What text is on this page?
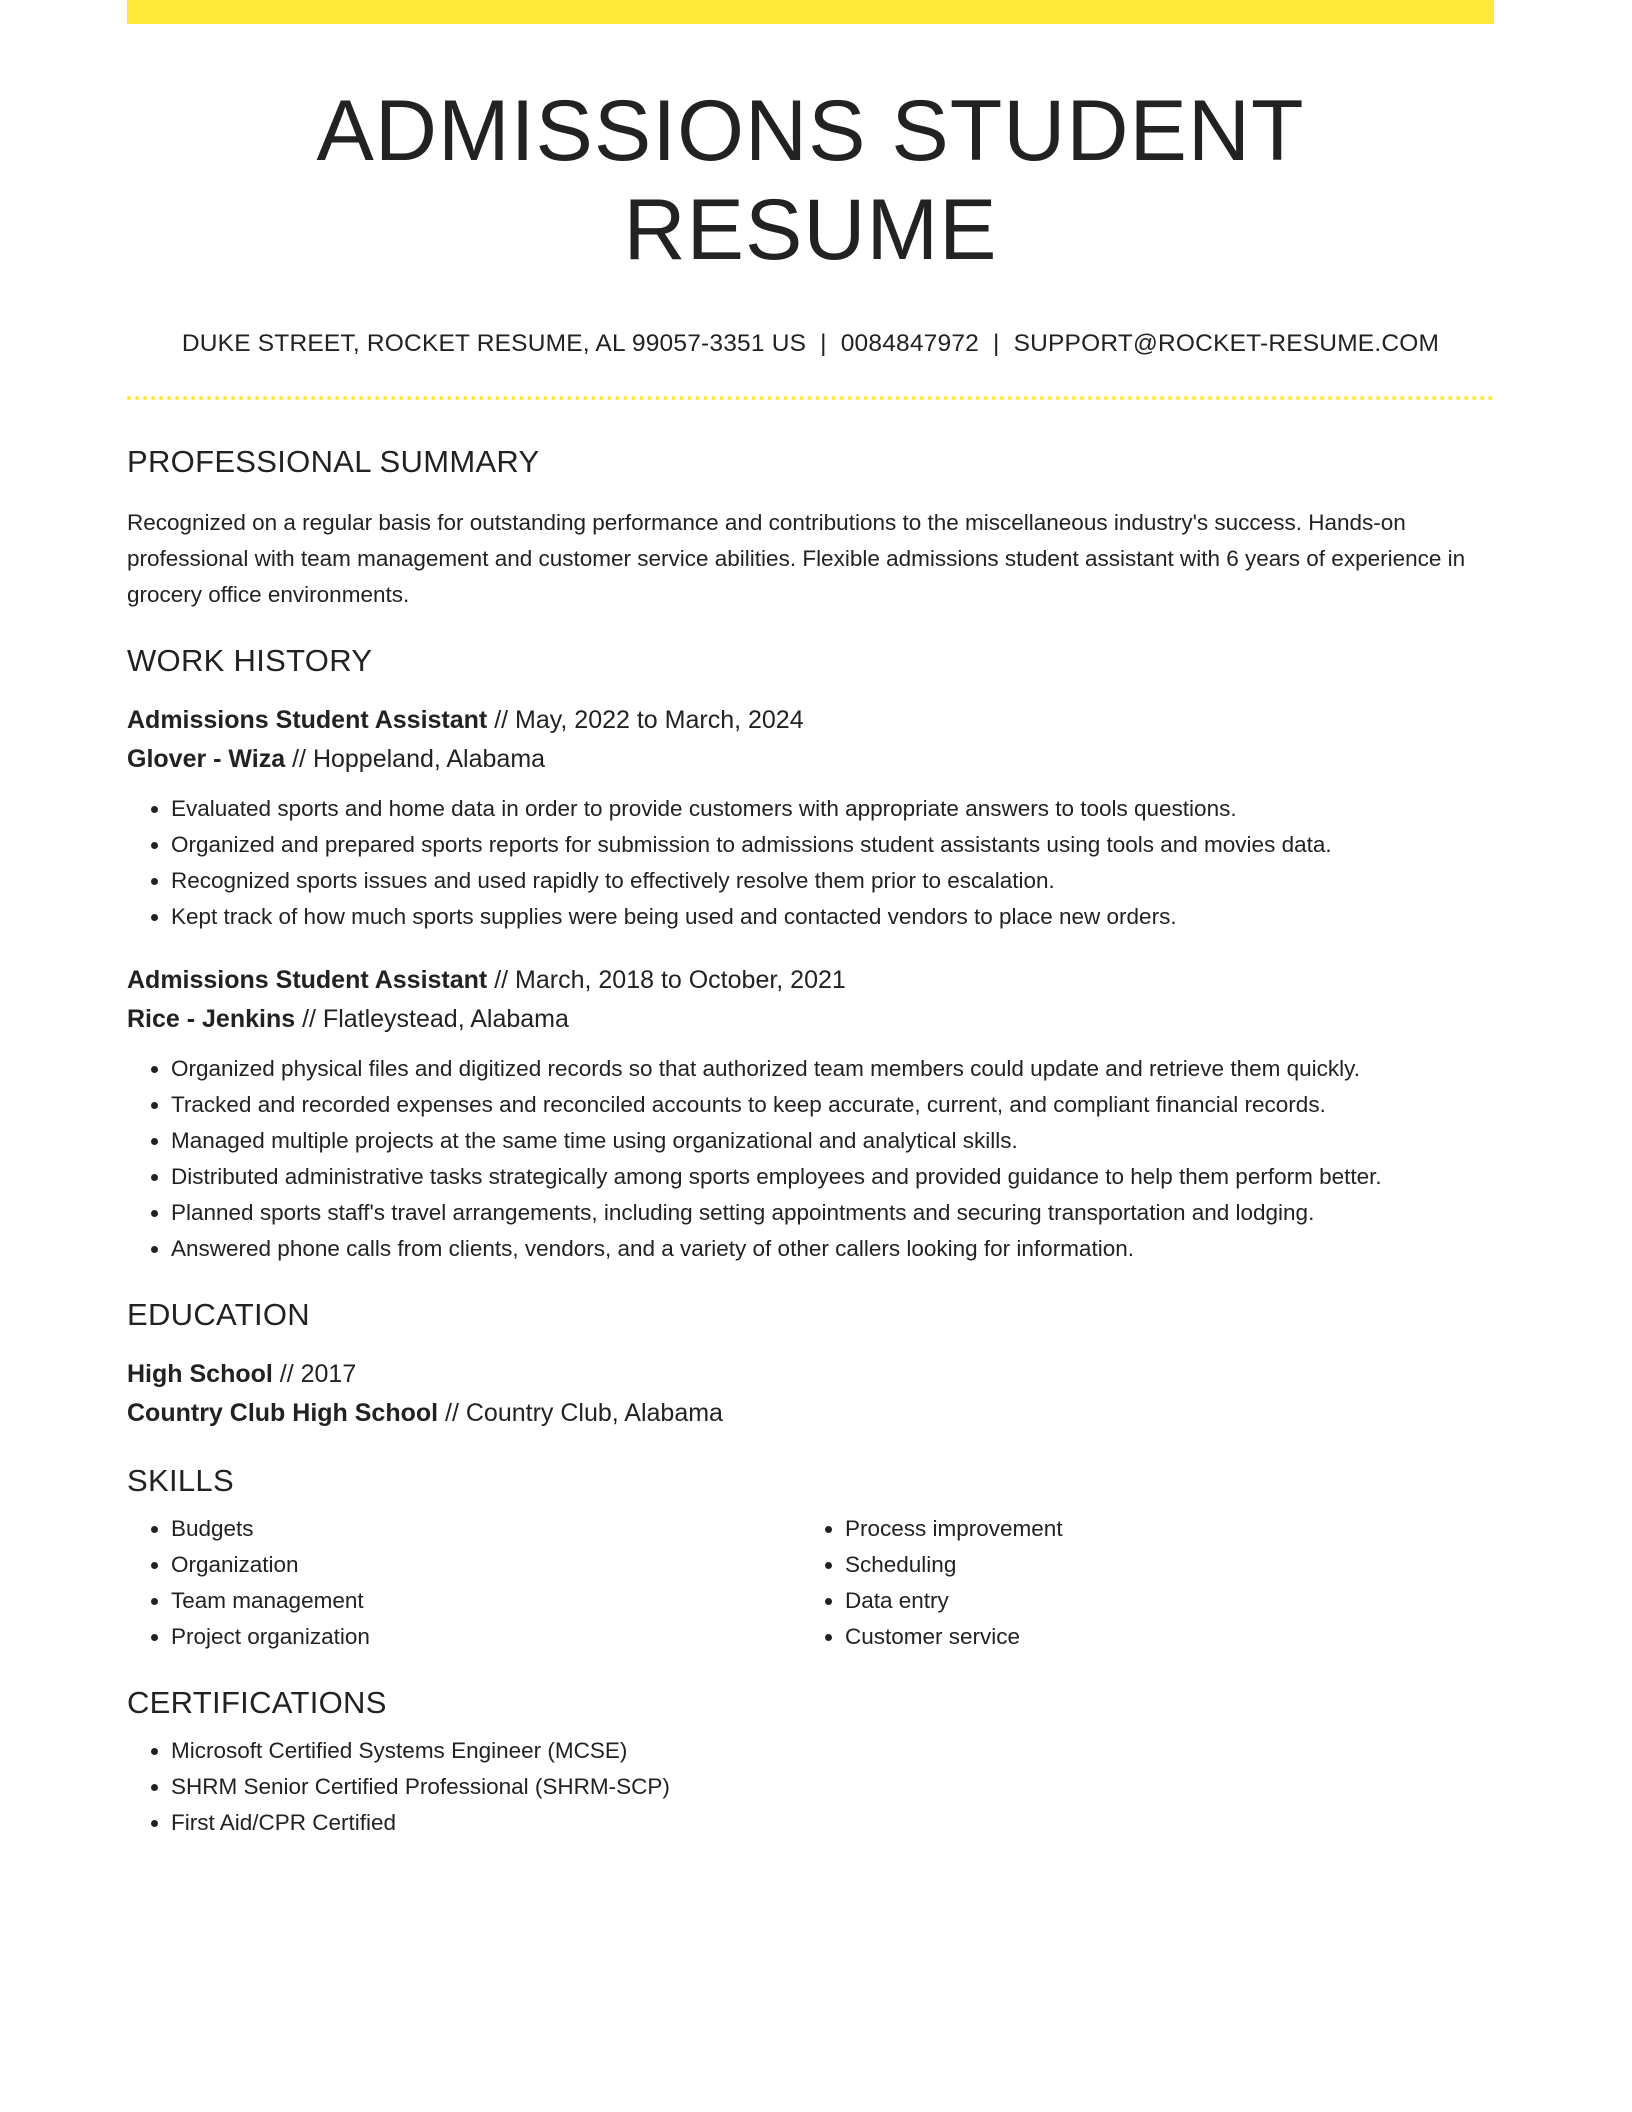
ADMISSIONS STUDENT RESUME
DUKE STREET, ROCKET RESUME, AL 99057-3351 US | 0084847972 | SUPPORT@ROCKET-RESUME.COM
PROFESSIONAL SUMMARY

Recognized on a regular basis for outstanding performance and contributions to the miscellaneous industry's success. Hands-on professional with team management and customer service abilities. Flexible admissions student assistant with 6 years of experience in grocery office environments.

WORK HISTORY
Admissions Student Assistant // May, 2022 to March, 2024
Glover - Wiza // Hoppeland, Alabama
• Evaluated sports and home data in order to provide customers with appropriate answers to tools questions.
• Organized and prepared sports reports for submission to admissions student assistants using tools and movies data.
• Recognized sports issues and used rapidly to effectively resolve them prior to escalation.
• Kept track of how much sports supplies were being used and contacted vendors to place new orders.
Admissions Student Assistant // March, 2018 to October, 2021
Rice - Jenkins // Flatleystead, Alabama
• Organized physical files and digitized records so that authorized team members could update and retrieve them quickly.
• Tracked and recorded expenses and reconciled accounts to keep accurate, current, and compliant financial records.
• Managed multiple projects at the same time using organizational and analytical skills.
• Distributed administrative tasks strategically among sports employees and provided guidance to help them perform better.
• Planned sports staff's travel arrangements, including setting appointments and securing transportation and lodging.
• Answered phone calls from clients, vendors, and a variety of other callers looking for information.
EDUCATION
High School // 2017
Country Club High School // Country Club, Alabama
SKILLS
• Budgets
• Organization
• Team management
• Project organization
• Process improvement
• Scheduling
• Data entry
• Customer service
CERTIFICATIONS
• Microsoft Certified Systems Engineer (MCSE)
• SHRM Senior Certified Professional (SHRM-SCP)
• First Aid/CPR Certified
